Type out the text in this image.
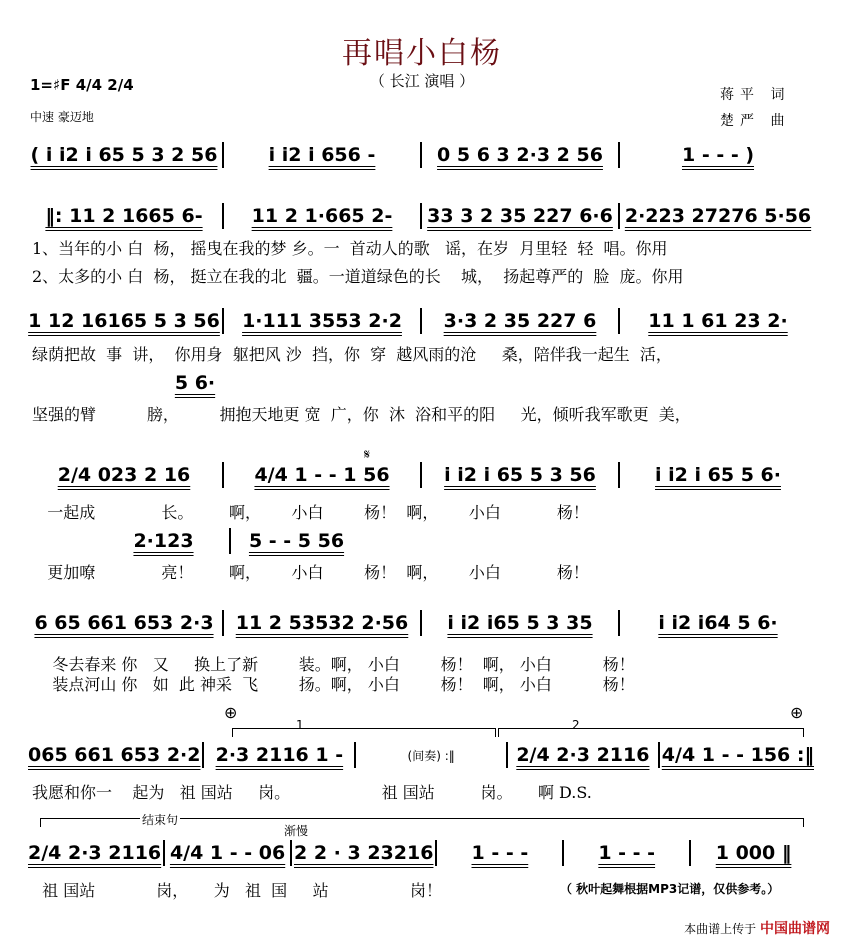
再唱小白杨
（ 长江 演唱 ）
1=♯F 4/4 2/4
中速 豪迈地
蒋平 词
楚严 曲
( i i2 i 65 5 3 2 56	i i2 i 656 -	0 5 6 3 2·3 2 56	1 - - - )
‖: 11 2 1665 6-	11 2 1·665 2-	33 3 2 35 227 6·6 2·223 27276 5·56
1 12 16165 5 3 56	1·111 3553 2·2	3·3 2 35 227 6	11 1 61 23 2·
5 6·
2/4 023 2 16	4/4 1 - - 1 56	i i2 i 65 5 3 56	i i2 i 65 5 6·
2·123	5 - - 5 56
6 65 661 653 2·3	11 2 53532 2·56	i i2 i65 5 3 35	i i2 i64 5 6·
065 661 653 2·2 2·3 2116 1 -	(间奏) :‖	2/4 2·3 2116 4/4 1 - - 156 :‖
2/4 2·3 2116 4/4 1 - - 06 2 2 · 3 23216	1 - - -	1 - - -	1 000 ‖
1、当年的小 白  杨， 摇曳在我的梦 乡。一  首动人的歌   谣，在岁  月里轻  轻  唱。你用
2、太多的小 白  杨， 挺立在我的北  疆。一道道绿色的长    城，  扬起尊严的  脸  庞。你用
绿荫把故  事  讲，  你用身  躯把风 沙  挡，你  穿  越风雨的沧     桑，陪伴我一起生  活，
坚强的臂          膀，        拥抱天地更 宽  广，你  沐  浴和平的阳     光，倾听我军歌更  美，
一起成             长。       啊，      小白        杨！  啊，      小白           杨！
更加嘹             亮！       啊，      小白        杨！  啊，      小白           杨！
冬去春来 你   又     换上了新        装。啊， 小白        杨！  啊， 小白          杨！
装点河山 你   如  此 神采  飞        扬。啊， 小白        杨！  啊， 小白          杨！
我愿和你一    起为   祖 国站     岗。                  祖 国站         岗。     啊 D.S.
祖 国站            岗，     为   祖  国     站                岗！	（ 秋叶起舞根据MP3记谱，仅供参考。）
𝄋
⊕	⊕
1	2
结束句
渐慢
本曲谱上传于 中国曲谱网
